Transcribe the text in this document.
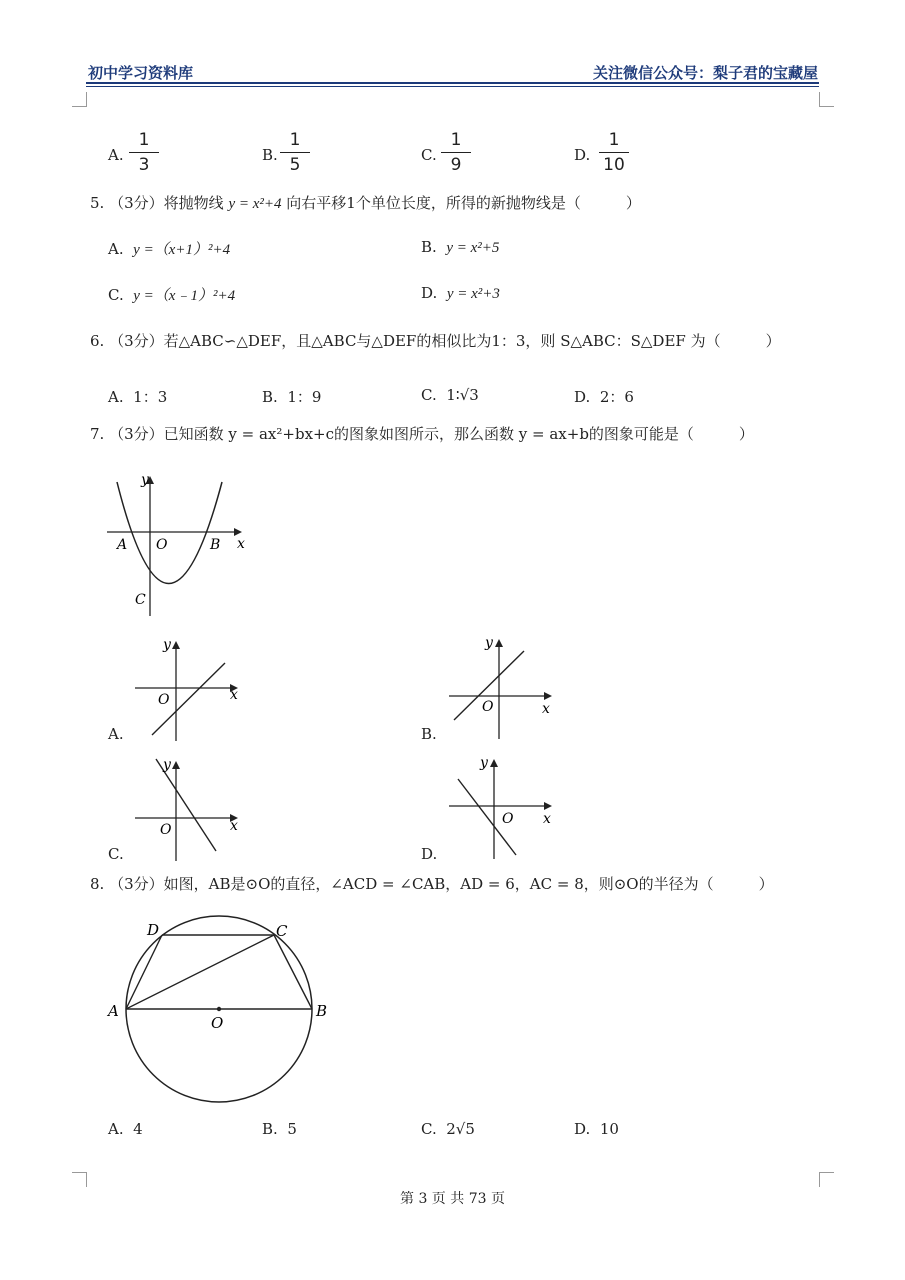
初中学习资料库	关注微信公众号：梨子君的宝藏屋
A.
1
3	B.
1
5	C.
1
9	D.
1
10
5. （3分）将抛物线 y = x²+4 向右平移1个单位长度，所得的新抛物线是（　　　）
A. y =（x+1）²+4	B. y = x²+5
C. y =（x﹣1）²+4	D. y = x²+3
6. （3分）若△ABC∽△DEF，且△ABC与△DEF的相似比为1：3，则 S△ABC：S△DEF 为（　　　）
A. 1：3	B. 1：9	C. 1∶√3	D. 2：6
7. （3分）已知函数 y = ax²+bx+c的图象如图所示，那么函数 y = ax+b的图象可能是（　　　）
y
x
A O	B
C
A.
y
x
O
B.
y
x
O
C.
y
x
O
D.
y
x
O
8. （3分）如图，AB是⊙O的直径，∠ACD = ∠CAB，AD = 6，AC = 8，则⊙O的半径为（　　　）
A	B
C
D
O
A. 4	B. 5	C. 2√5	D. 10
第 3 页 共 73 页
